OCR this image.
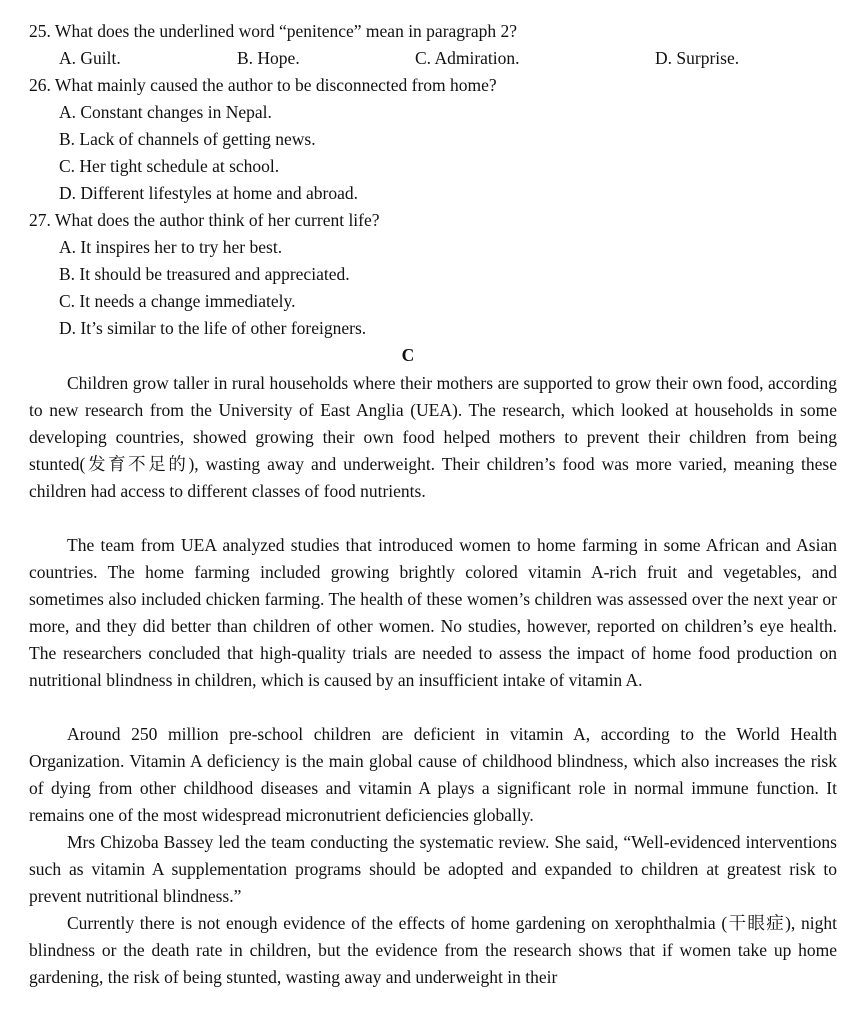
25. What does the underlined word “penitence” mean in paragraph 2?
A. Guilt.	B. Hope.	C. Admiration.	D. Surprise.
26. What mainly caused the author to be disconnected from home?
A. Constant changes in Nepal.
B. Lack of channels of getting news.
C. Her tight schedule at school.
D. Different lifestyles at home and abroad.
27. What does the author think of her current life?
A. It inspires her to try her best.
B. It should be treasured and appreciated.
C. It needs a change immediately.
D. It’s similar to the life of other foreigners.
C

Children grow taller in rural households where their mothers are supported to grow their own food, according to new research from the University of East Anglia (UEA). The research, which looked at households in some developing countries, showed growing their own food helped mothers to prevent their children from being stunted(发育不足的), wasting away and underweight. Their children’s food was more varied, meaning these children had access to different classes of food nutrients.

The team from UEA analyzed studies that introduced women to home farming in some African and Asian countries. The home farming included growing brightly colored vitamin A-rich fruit and vegetables, and sometimes also included chicken farming. The health of these women’s children was assessed over the next year or more, and they did better than children of other women. No studies, however, reported on children’s eye health. The researchers concluded that high-quality trials are needed to assess the impact of home food production on nutritional blindness in children, which is caused by an insufficient intake of vitamin A.

Around 250 million pre-school children are deficient in vitamin A, according to the World Health Organization. Vitamin A deficiency is the main global cause of childhood blindness, which also increases the risk of dying from other childhood diseases and vitamin A plays a significant role in normal immune function. It remains one of the most widespread micronutrient deficiencies globally.

Mrs Chizoba Bassey led the team conducting the systematic review. She said, “Well-evidenced interventions such as vitamin A supplementation programs should be adopted and expanded to children at greatest risk to prevent nutritional blindness.”

Currently there is not enough evidence of the effects of home gardening on xerophthalmia (干眼症), night blindness or the death rate in children, but the evidence from the research shows that if women take up home gardening, the risk of being stunted, wasting away and underweight in their
